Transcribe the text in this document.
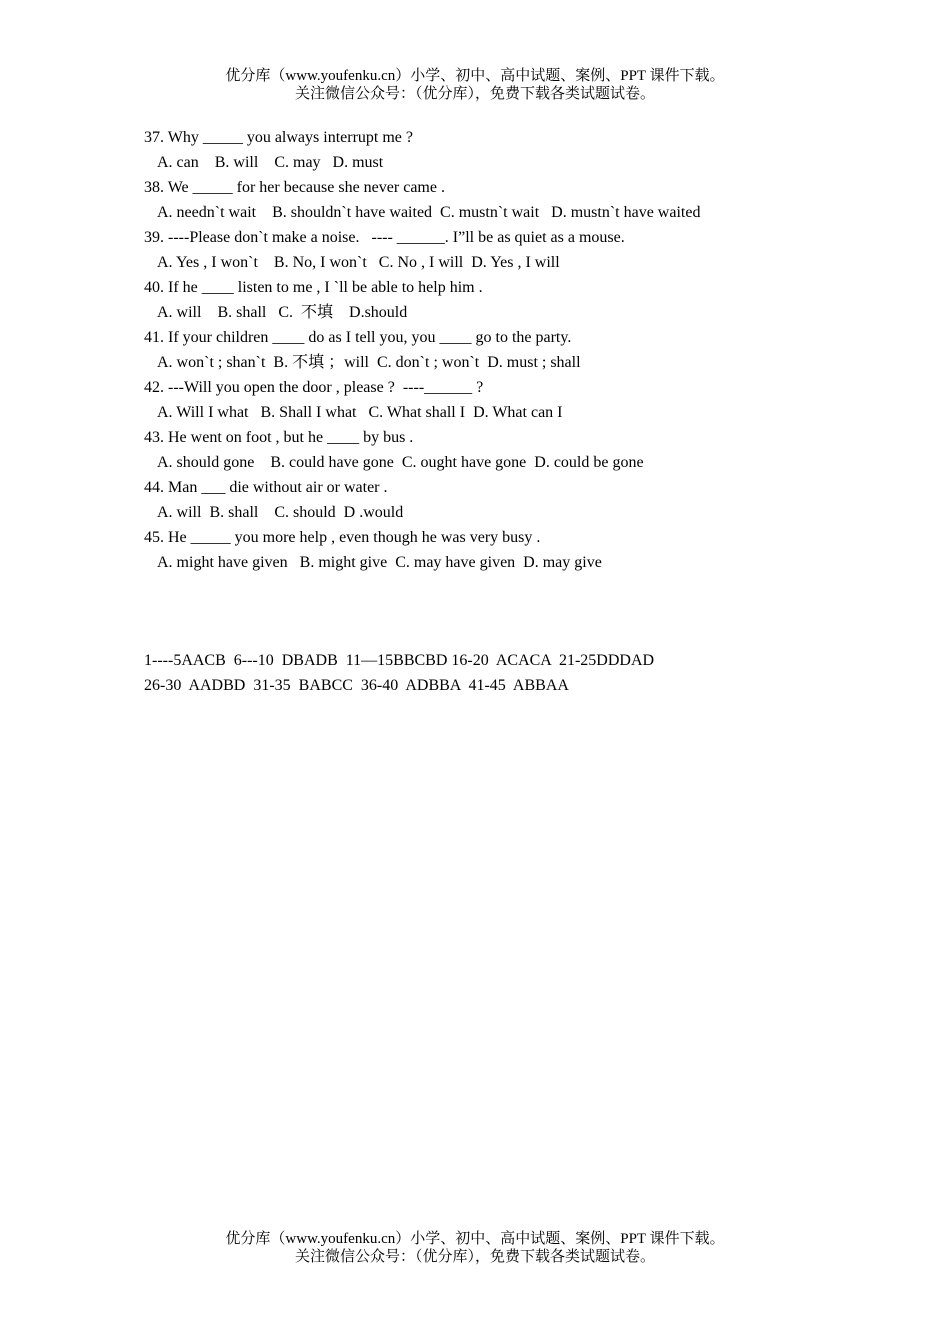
优分库（www.youfenku.cn）小学、初中、高中试题、案例、PPT 课件下载。
关注微信公众号：（优分库），免费下载各类试题试卷。
37. Why _____ you always interrupt me ?
A. can    B. will    C. may   D. must
38. We _____ for her because she never came .
A. needn`t wait    B. shouldn`t have waited  C. mustn`t wait   D. mustn`t have waited
39. ----Please don`t make a noise.   ---- ______. I”ll be as quiet as a mouse.
A. Yes , I won`t    B. No, I won`t   C. No , I will  D. Yes , I will
40. If he ____ listen to me , I `ll be able to help him .
A. will    B. shall   C.  不填    D.should
41. If your children ____ do as I tell you, you ____ go to the party.
A. won`t ; shan`t  B. 不填 ；will  C. don`t ; won`t  D. must ; shall
42. ---Will you open the door , please ?  ----______ ?
A. Will I what   B. Shall I what   C. What shall I  D. What can I
43. He went on foot , but he ____ by bus .
A. should gone    B. could have gone  C. ought have gone  D. could be gone
44. Man ___ die without air or water .
A. will  B. shall    C. should  D .would
45. He _____ you more help , even though he was very busy .
A. might have given   B. might give  C. may have given  D. may give
1----5AACB  6---10  DBADB  11—15BBCBD 16-20  ACACA  21-25DDDAD
26-30  AADBD  31-35  BABCC  36-40  ADBBA  41-45  ABBAA
优分库（www.youfenku.cn）小学、初中、高中试题、案例、PPT 课件下载。
关注微信公众号：（优分库），免费下载各类试题试卷。
